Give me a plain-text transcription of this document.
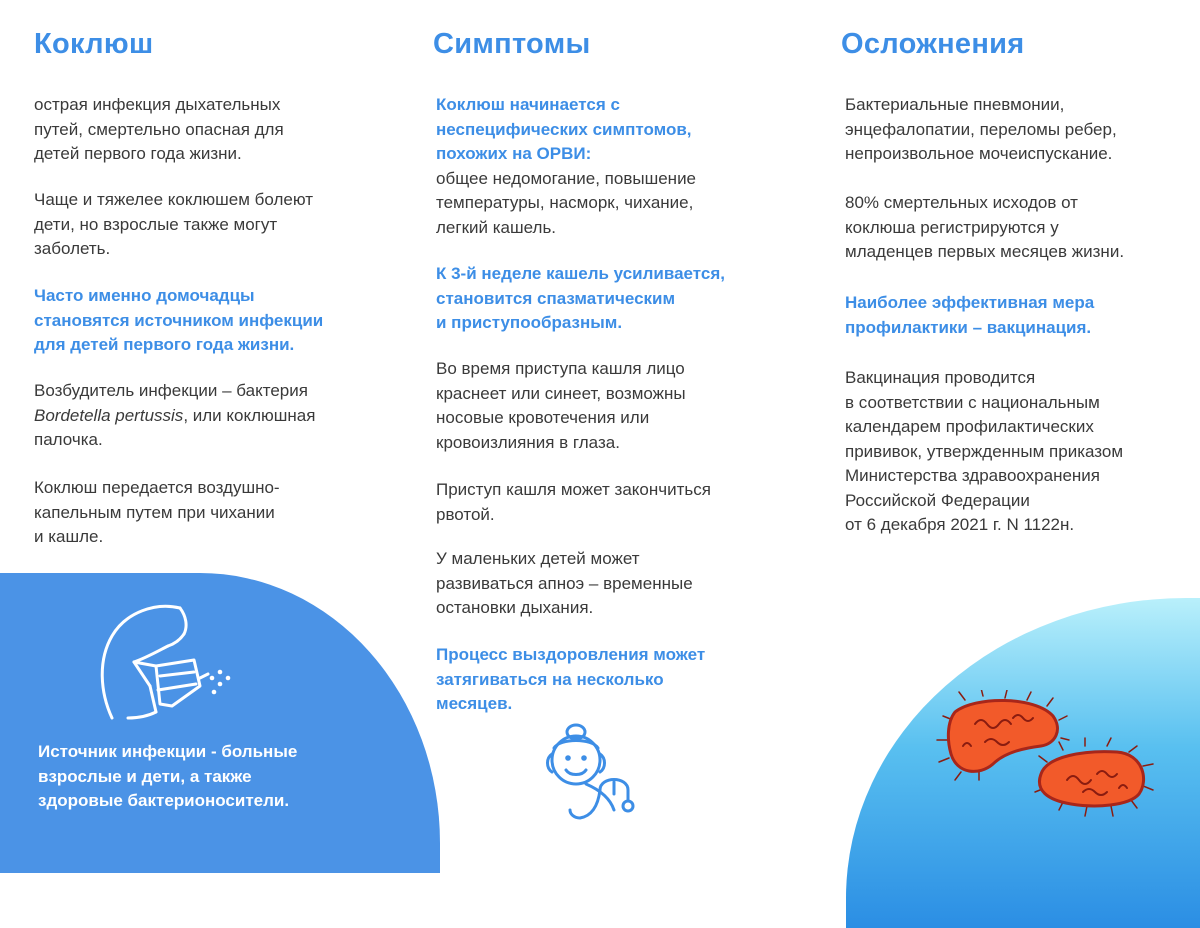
Коклюш

острая инфекция дыхательных
путей, смертельно опасная для
детей первого года жизни.

Чаще и тяжелее коклюшем болеют
дети, но взрослые также могут
заболеть.

Часто именно домочадцы
становятся источником инфекции
для детей первого года жизни.

Возбудитель инфекции – бактерия
Bordetella pertussis, или коклюшная
палочка.

Коклюш передается воздушно-
капельным путем при чихании
и кашле.

Источник инфекции - больные
взрослые и дети, а также
здоровые бактерионосители.

Симптомы

Коклюш начинается с
неспецифических симптомов,
похожих на ОРВИ:
общее недомогание, повышение
температуры, насморк, чихание,
легкий кашель.

К 3-й неделе кашель усиливается,
становится спазматическим
и приступообразным.

Во время приступа кашля лицо
краснеет или синеет, возможны
носовые кровотечения или
кровоизлияния в глаза.

Приступ кашля может закончиться
рвотой.

У маленьких детей может
развиваться апноэ – временные
остановки дыхания.

Процесс выздоровления может
затягиваться на несколько
месяцев.

Осложнения

Бактериальные пневмонии,
энцефалопатии, переломы ребер,
непроизвольное мочеиспускание.

80% смертельных исходов от
коклюша регистрируются у
младенцев первых месяцев жизни.

Наиболее эффективная мера
профилактики – вакцинация.

Вакцинация проводится
в соответствии с национальным
календарем профилактических
прививок, утвержденным приказом
Министерства здравоохранения
Российской Федерации
от 6 декабря 2021 г. N 1122н.
